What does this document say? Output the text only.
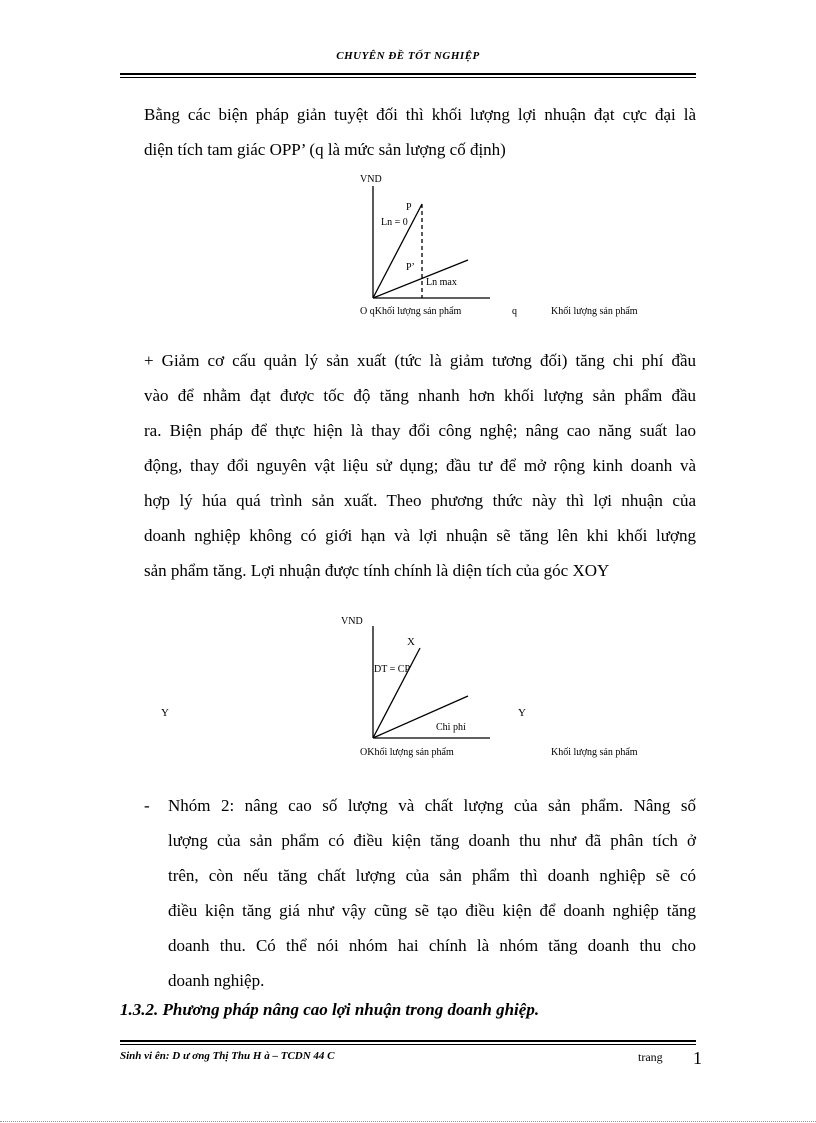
CHUYÊN ĐỀ TỐT NGHIỆP
Bằng các biện pháp giản tuyệt đối thì khối lượng lợi nhuận đạt cực đại là
diện tích tam giác OPP’ (q là mức sản lượng cố định)
VND
P
Ln = 0
P’
Ln max
O qKhối lượng sản phẩm	q	Khối lượng sản phẩm
+ Giảm cơ cấu quản lý sản xuất (tức là giảm tương đối) tăng chi phí đầu
vào để nhằm đạt được tốc độ tăng nhanh hơn khối lượng sản phẩm đầu
ra. Biện pháp để thực hiện là thay đổi công nghệ; nâng cao năng suất lao
động, thay đổi nguyên vật liệu sử dụng; đầu tư để mở rộng kinh doanh và
hợp lý húa quá trình sản xuất. Theo phương thức này thì lợi nhuận của
doanh nghiệp không có giới hạn và lợi nhuận sẽ tăng lên khi khối lượng
sản phẩm tăng. Lợi nhuận được tính chính là diện tích của góc XOY
VND
X
DT = CP
Y	Y
Chi phí
OKhối lượng sản phẩm	Khối lượng sản phẩm
- Nhóm 2: nâng cao số lượng và chất lượng của sản phẩm. Nâng số
lượng của sản phẩm có điều kiện tăng doanh thu như đã phân tích ở
trên, còn nếu tăng chất lượng của sản phẩm thì doanh nghiệp sẽ có
điều kiện tăng giá như vậy cũng sẽ tạo điều kiện để doanh nghiệp tăng
doanh thu. Có thể nói nhóm hai chính là nhóm tăng doanh thu cho
doanh nghiệp.
1.3.2. Phương pháp nâng cao lợi nhuận trong doanh ghiệp.
Sinh vi ên: D ư ơng Thị Thu H à – TCDN 44 C	trang 1
